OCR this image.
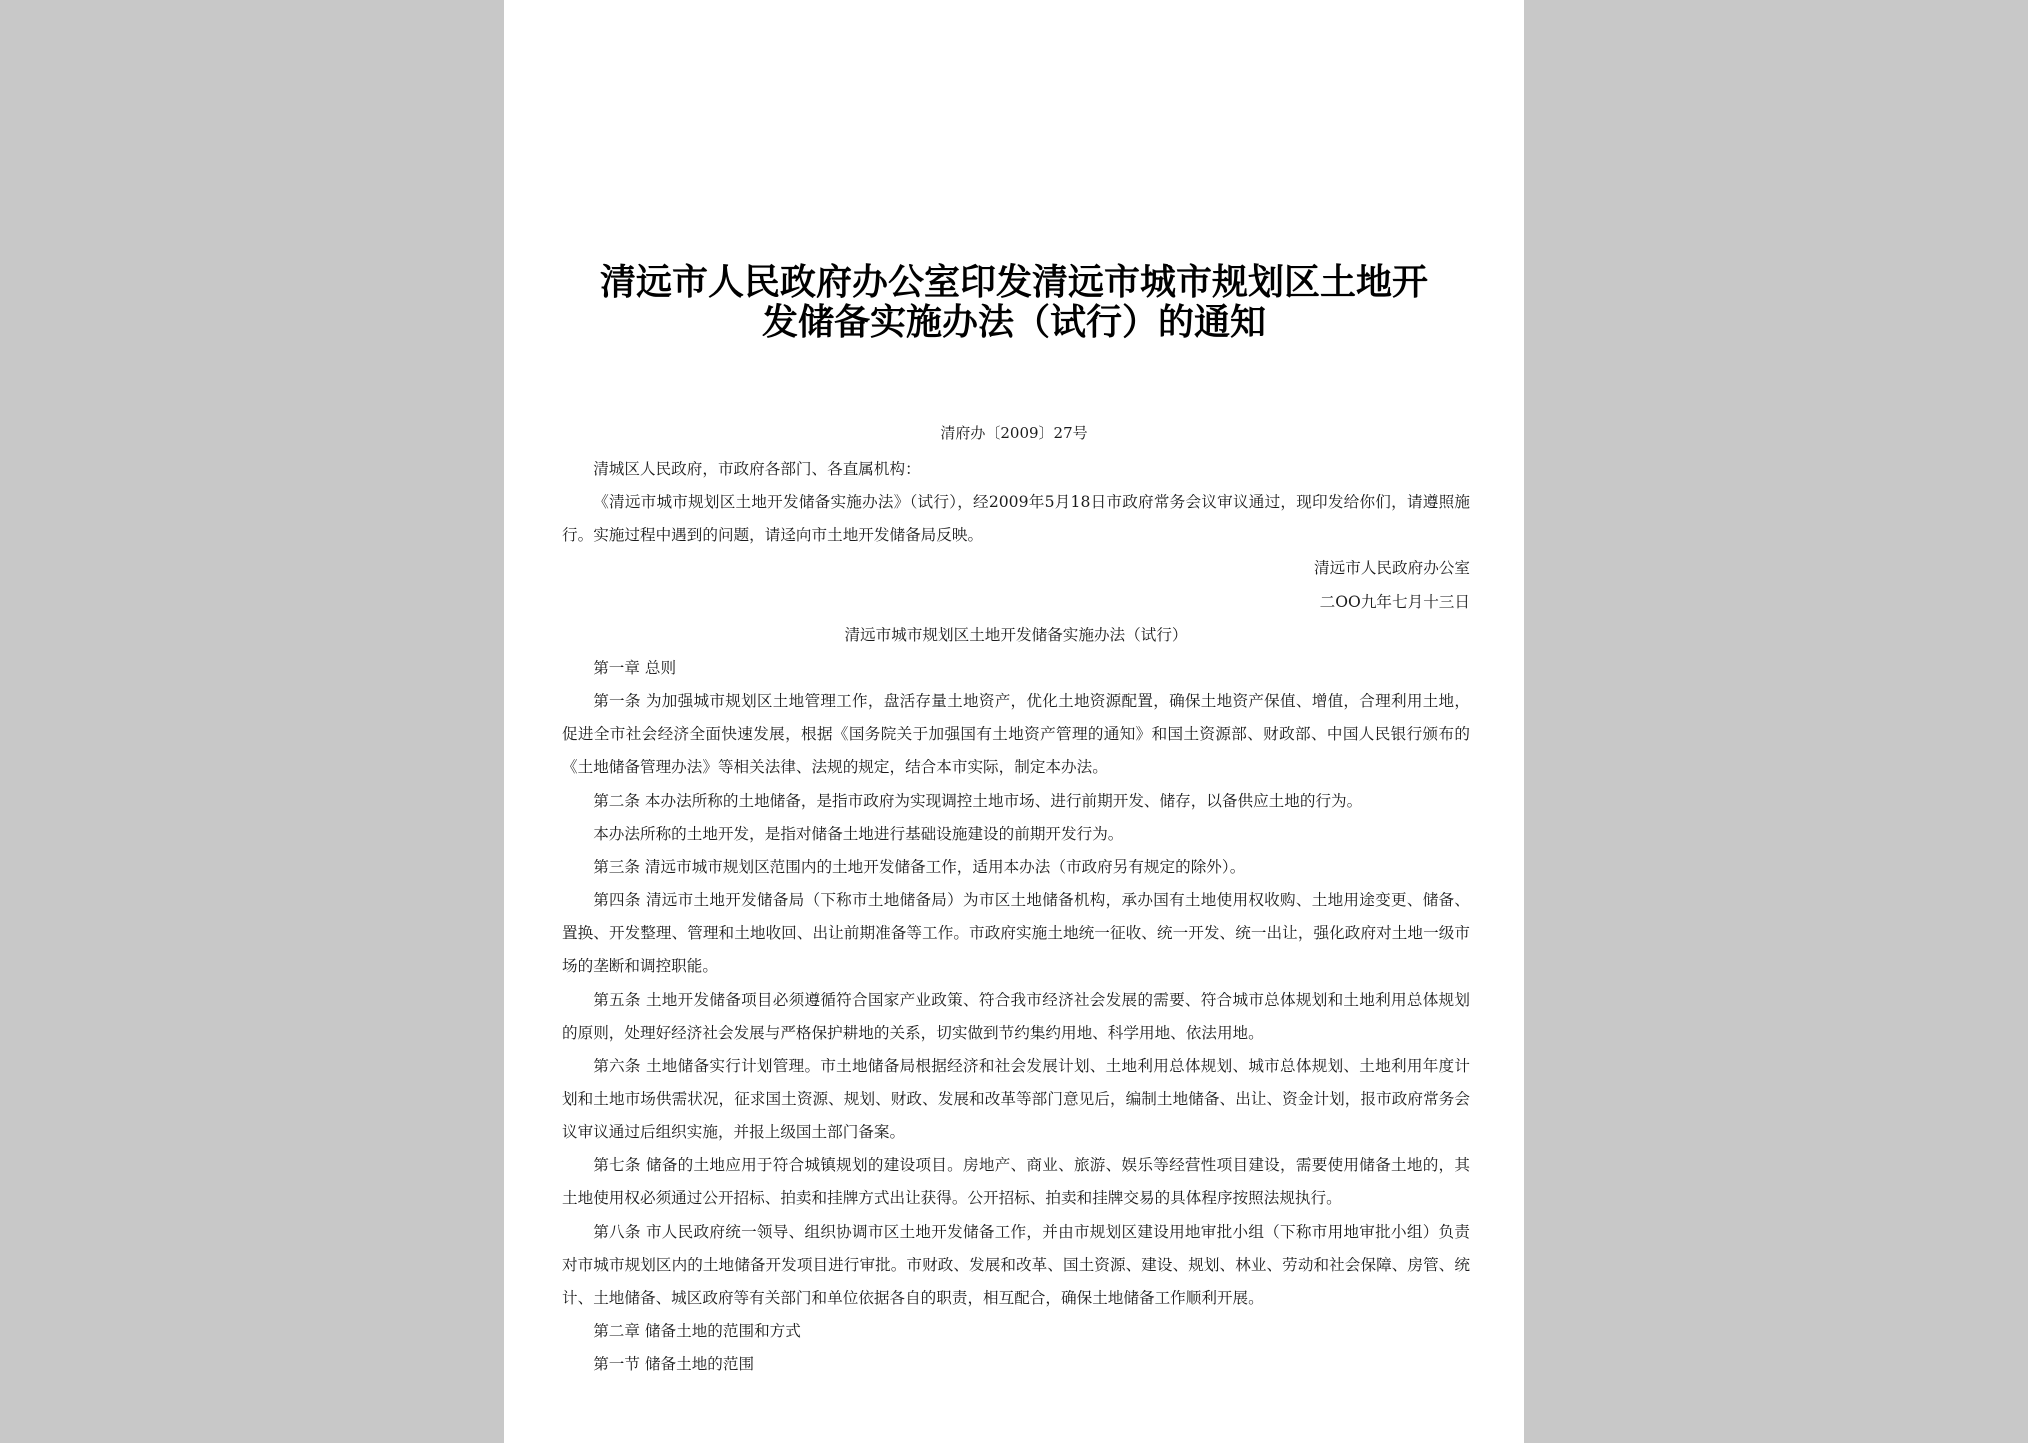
清远市人民政府办公室印发清远市城市规划区土地开
发储备实施办法（试行）的通知
清府办〔2009〕27号

清城区人民政府，市政府各部门、各直属机构：

《清远市城市规划区土地开发储备实施办法》（试行），经2009年5月18日市政府常务会议审议通过，现印发给你们，请遵照施行。实施过程中遇到的问题，请迳向市土地开发储备局反映。

清远市人民政府办公室

二OO九年七月十三日

清远市城市规划区土地开发储备实施办法（试行）

第一章 总则

第一条 为加强城市规划区土地管理工作，盘活存量土地资产，优化土地资源配置，确保土地资产保值、增值，合理利用土地，促进全市社会经济全面快速发展，根据《国务院关于加强国有土地资产管理的通知》和国土资源部、财政部、中国人民银行颁布的《土地储备管理办法》等相关法律、法规的规定，结合本市实际，制定本办法。

第二条 本办法所称的土地储备，是指市政府为实现调控土地市场、进行前期开发、储存，以备供应土地的行为。

本办法所称的土地开发，是指对储备土地进行基础设施建设的前期开发行为。

第三条 清远市城市规划区范围内的土地开发储备工作，适用本办法（市政府另有规定的除外）。

第四条 清远市土地开发储备局（下称市土地储备局）为市区土地储备机构，承办国有土地使用权收购、土地用途变更、储备、置换、开发整理、管理和土地收回、出让前期准备等工作。市政府实施土地统一征收、统一开发、统一出让，强化政府对土地一级市场的垄断和调控职能。

第五条 土地开发储备项目必须遵循符合国家产业政策、符合我市经济社会发展的需要、符合城市总体规划和土地利用总体规划的原则，处理好经济社会发展与严格保护耕地的关系，切实做到节约集约用地、科学用地、依法用地。

第六条 土地储备实行计划管理。市土地储备局根据经济和社会发展计划、土地利用总体规划、城市总体规划、土地利用年度计划和土地市场供需状况，征求国土资源、规划、财政、发展和改革等部门意见后，编制土地储备、出让、资金计划，报市政府常务会议审议通过后组织实施，并报上级国土部门备案。

第七条 储备的土地应用于符合城镇规划的建设项目。房地产、商业、旅游、娱乐等经营性项目建设，需要使用储备土地的，其土地使用权必须通过公开招标、拍卖和挂牌方式出让获得。公开招标、拍卖和挂牌交易的具体程序按照法规执行。

第八条 市人民政府统一领导、组织协调市区土地开发储备工作，并由市规划区建设用地审批小组（下称市用地审批小组）负责对市城市规划区内的土地储备开发项目进行审批。市财政、发展和改革、国土资源、建设、规划、林业、劳动和社会保障、房管、统计、土地储备、城区政府等有关部门和单位依据各自的职责，相互配合，确保土地储备工作顺利开展。

第二章 储备土地的范围和方式

第一节 储备土地的范围
